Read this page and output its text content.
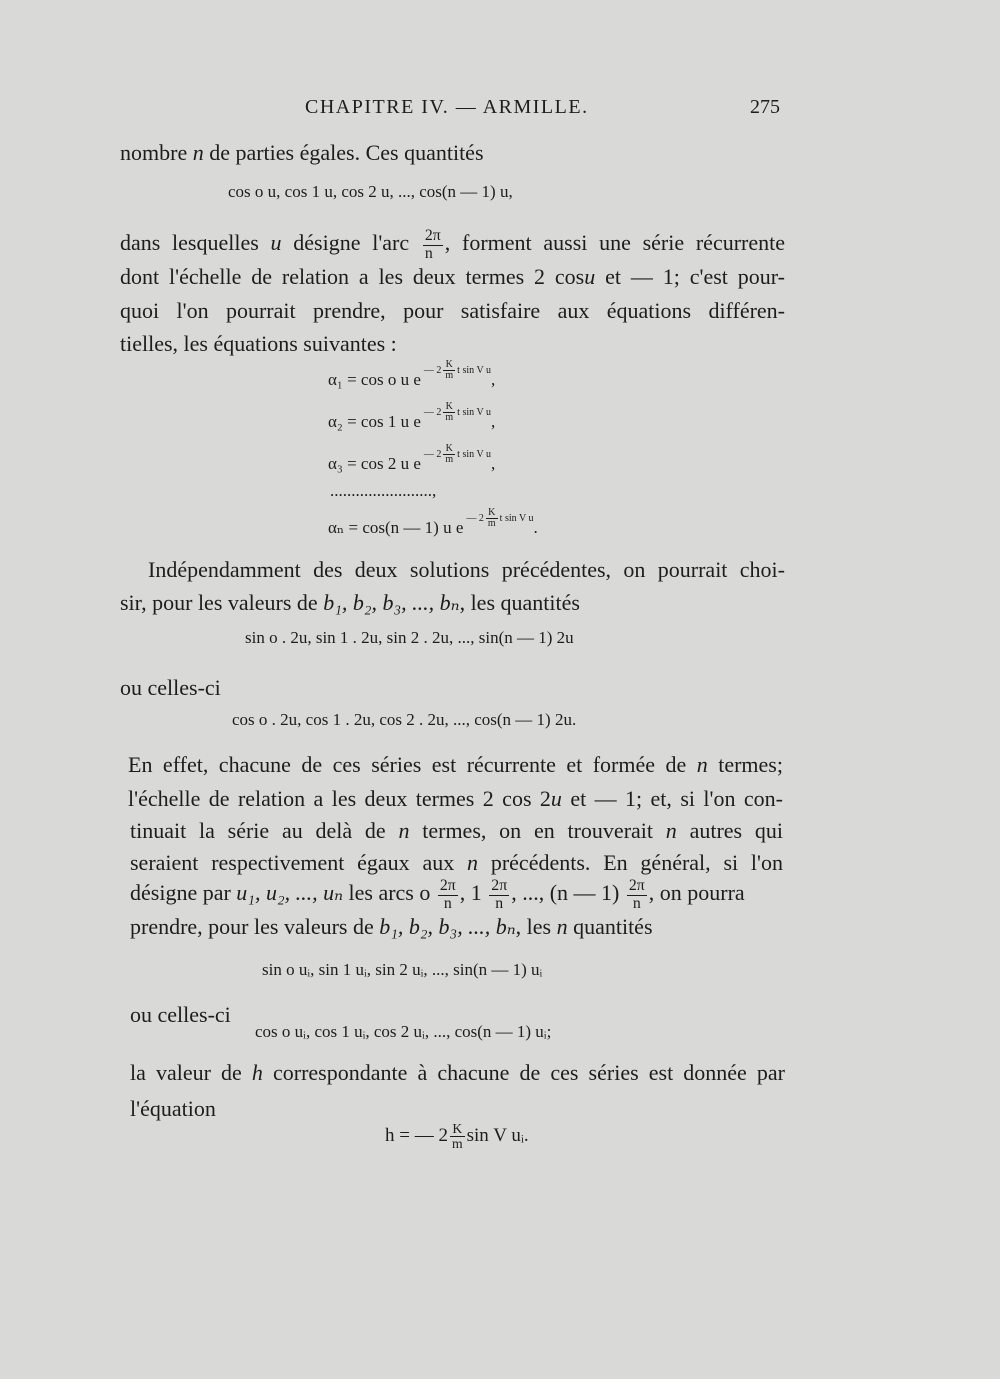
CHAPITRE IV. — ARMILLE.	275
nombre n de parties égales. Ces quantités
cos o u, cos 1 u, cos 2 u, ..., cos(n — 1) u,
dans lesquelles u désigne $l'arc \frac{2\pi}{n}$ , forment aussi une série récurrente
dont l'échelle de relation a les deux termes 2 cosu et — 1; c'est pour-
quoi l'on pourrait prendre, pour satisfaire aux équations différen-
tielles, les équations suivantes :
α₁ = cos o u e $^{— 2 \frac{K}{m} t sin V u}$,
α₂ = cos 1 u e $^{— 2 \frac{K}{m} t sin V u}$,
α₃ = cos 2 u e $^{— 2 \frac{K}{m} t sin V u}$,
........................,
αₙ = cos(n — 1) u e $^{— 2 \frac{K}{m} t sin V u}$.
Indépendamment des deux solutions précédentes, on pourrait choi-
sir, pour les valeurs de b₁, b₂, b₃, ..., bₙ, les quantités
sin o . 2u, sin 1 . 2u, sin 2 . 2u, ..., sin(n — 1) 2u
ou celles-ci
cos o . 2u, cos 1 . 2u, cos 2 . 2u, ..., cos(n — 1) 2u.
En effet, chacune de ces séries est récurrente et formée de n termes;
l'échelle de relation a les deux termes 2 cos 2u et — 1; et, si l'on con-
tinuait la série au delà de n termes, on en trouverait n autres qui
seraient respectivement égaux aux n précédents. En général, si l'on
désigne par u₁, u₂, ..., uₙ les arcs o $\frac{2\pi}{n}$ , $1 \frac{2\pi}{n}$ , ..., (n — $1) \frac{2\pi}{n}$ , on pourra
prendre, pour les valeurs de b₁, b₂, b₃, ..., bₙ, les n quantités
sin o uᵢ, sin 1 uᵢ, sin 2 uᵢ, ..., sin(n — 1) uᵢ
ou celles-ci
cos o uᵢ, cos 1 uᵢ, cos 2 uᵢ, ..., cos(n — 1) uᵢ;
la valeur de h correspondante à chacune de ces séries est donnée par
l'équation
h = — $2 \frac{K}{m}$ sin V uᵢ.
